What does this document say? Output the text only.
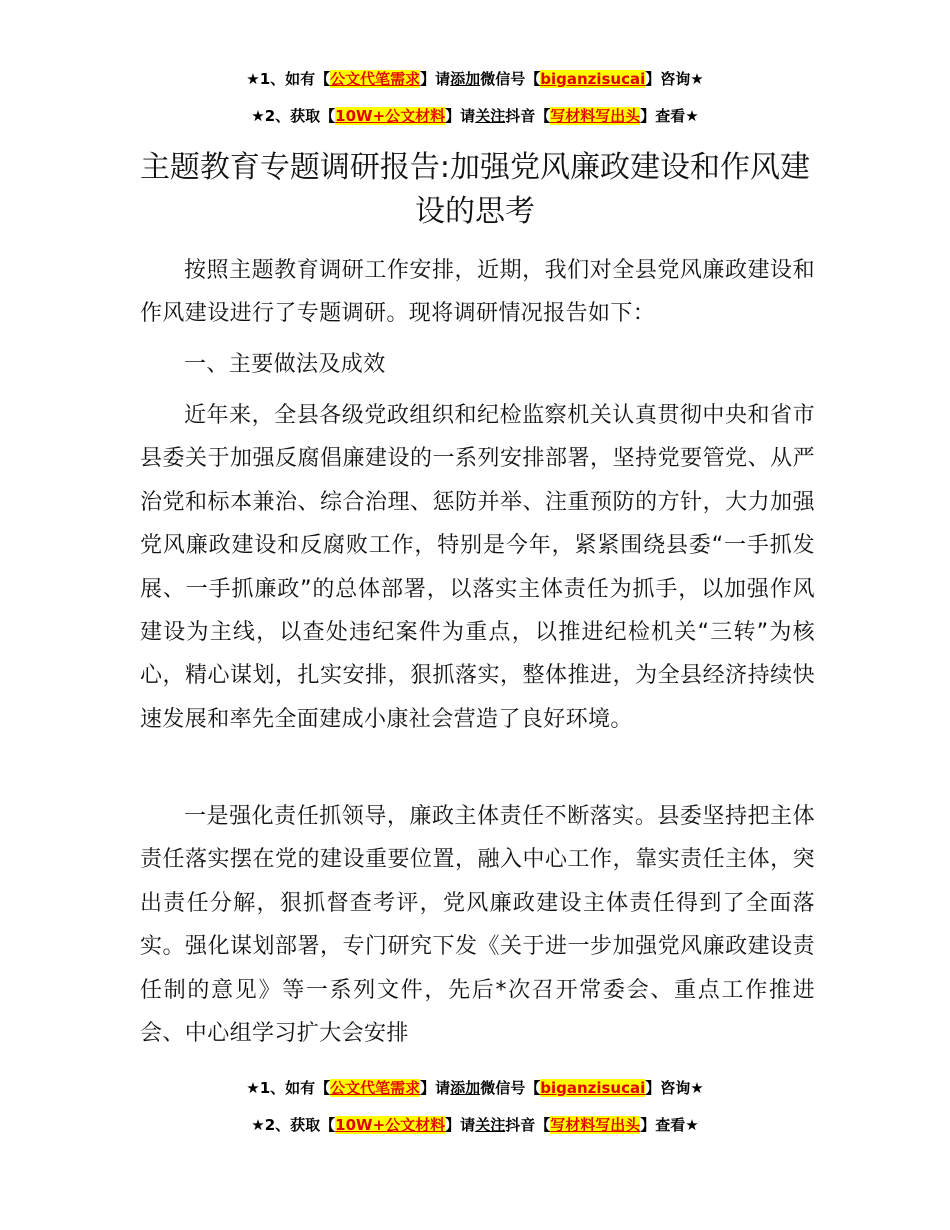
★1、如有【公文代笔需求】请添加微信号【biganzisucai】咨询★
★2、获取【10W+公文材料】请关注抖音【写材料写出头】查看★
主题教育专题调研报告:加强党风廉政建设和作风建设的思考

按照主题教育调研工作安排，近期，我们对全县党风廉政建设和作风建设进行了专题调研。现将调研情况报告如下：

一、主要做法及成效

近年来，全县各级党政组织和纪检监察机关认真贯彻中央和省市县委关于加强反腐倡廉建设的一系列安排部署，坚持党要管党、从严治党和标本兼治、综合治理、惩防并举、注重预防的方针，大力加强党风廉政建设和反腐败工作，特别是今年，紧紧围绕县委“一手抓发展、一手抓廉政”的总体部署，以落实主体责任为抓手，以加强作风建设为主线，以查处违纪案件为重点，以推进纪检机关“三转”为核心，精心谋划，扎实安排，狠抓落实，整体推进，为全县经济持续快速发展和率先全面建成小康社会营造了良好环境。

一是强化责任抓领导，廉政主体责任不断落实。县委坚持把主体责任落实摆在党的建设重要位置，融入中心工作，靠实责任主体，突出责任分解，狠抓督查考评，党风廉政建设主体责任得到了全面落实。强化谋划部署，专门研究下发《关于进一步加强党风廉政建设责任制的意见》等一系列文件，先后*次召开常委会、重点工作推进会、中心组学习扩大会安排

★1、如有【公文代笔需求】请添加微信号【biganzisucai】咨询★
★2、获取【10W+公文材料】请关注抖音【写材料写出头】查看★
